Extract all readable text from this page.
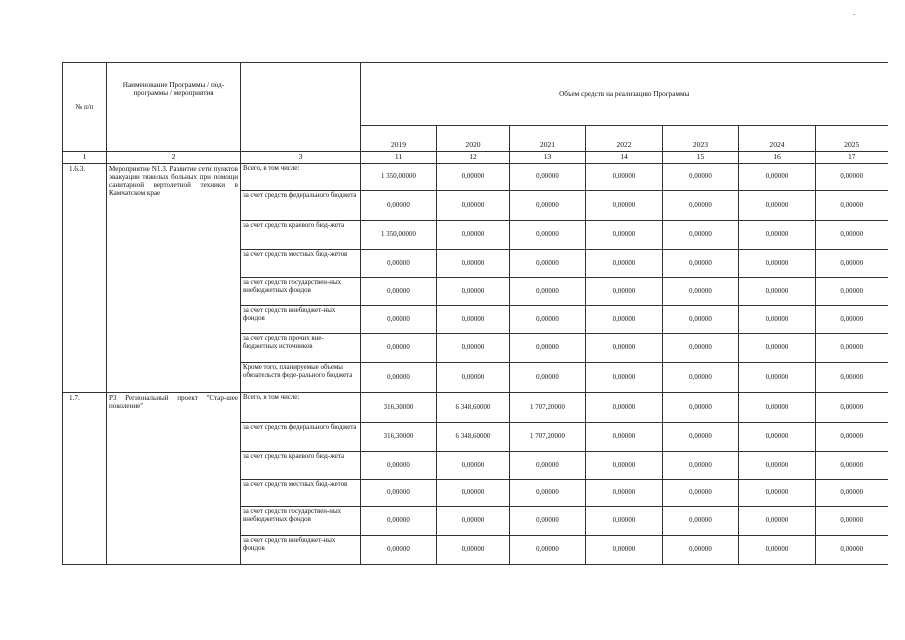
-
№ п/п	Наименование Программы / под-программы / мероприятия		Объем средств на реализацию Программы						
			2019	2020	2021	2022	2023	2024	2025
1	2	3	11	12	13	14	15	16	17
1.6.3.	Мероприятие N1.3. Развитие сети пунктов эвакуации тяжелых больных при помощи санитарной вертолетной техники в Камчатском крае	Всего, в том числе:	1 350,00000	0,00000	0,00000	0,00000	0,00000	0,00000	0,00000
		за счет средств федерального бюджета	0,00000	0,00000	0,00000	0,00000	0,00000	0,00000	0,00000
		за счет средств краевого бюд-жета	1 350,00000	0,00000	0,00000	0,00000	0,00000	0,00000	0,00000
		за счет средств местных бюд-жетов	0,00000	0,00000	0,00000	0,00000	0,00000	0,00000	0,00000
		за счет средств государствен-ных внебюджетных фондов	0,00000	0,00000	0,00000	0,00000	0,00000	0,00000	0,00000
		за счет средств внебюджет-ных фондов	0,00000	0,00000	0,00000	0,00000	0,00000	0,00000	0,00000
		за счет средств прочих вне-бюджетных источников	0,00000	0,00000	0,00000	0,00000	0,00000	0,00000	0,00000
		Кроме того, планируемые объемы обязательств феде-рального бюджета	0,00000	0,00000	0,00000	0,00000	0,00000	0,00000	0,00000
1.7.	Р3 Региональный проект "Стар-шее поколение"	Всего, в том числе:	316,30000	6 348,60000	1 707,20000	0,00000	0,00000	0,00000	0,00000
		за счет средств федерального бюджета	316,30000	6 348,60000	1 707,20000	0,00000	0,00000	0,00000	0,00000
		за счет средств краевого бюд-жета	0,00000	0,00000	0,00000	0,00000	0,00000	0,00000	0,00000
		за счет средств местных бюд-жетов	0,00000	0,00000	0,00000	0,00000	0,00000	0,00000	0,00000
		за счет средств государствен-ных внебюджетных фондов	0,00000	0,00000	0,00000	0,00000	0,00000	0,00000	0,00000
		за счет средств внебюджет-ных фондов	0,00000	0,00000	0,00000	0,00000	0,00000	0,00000	0,00000
